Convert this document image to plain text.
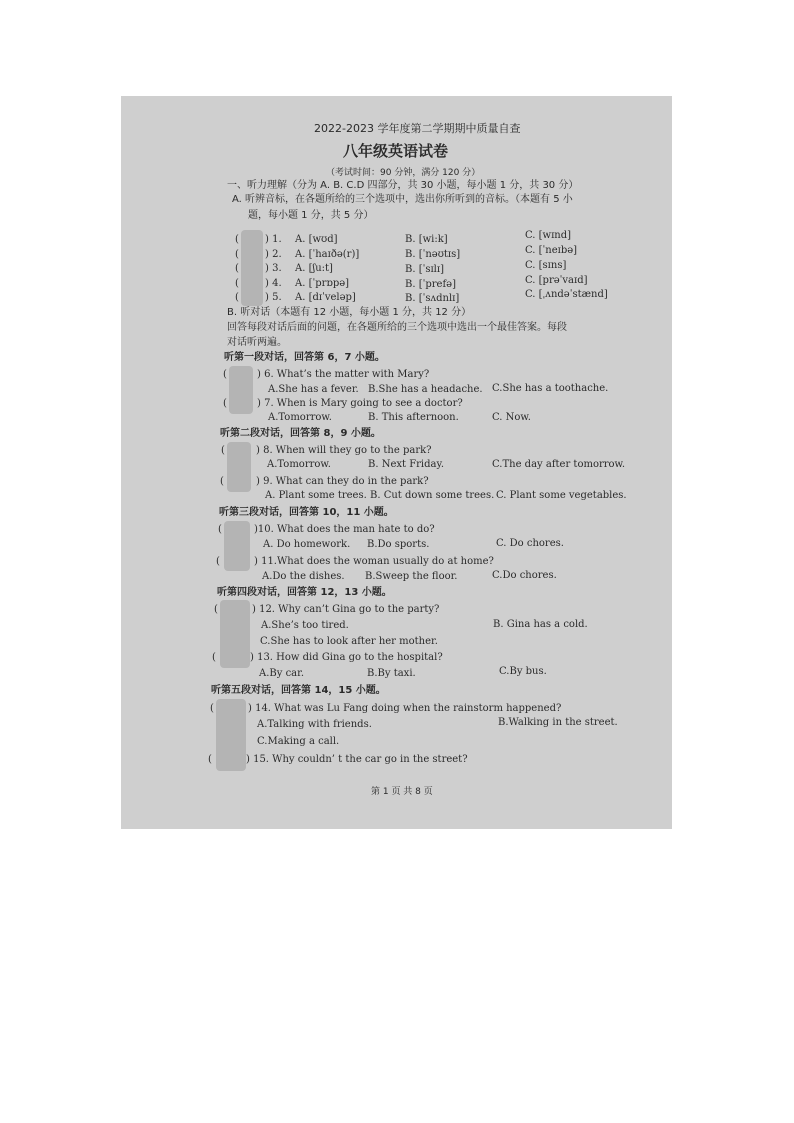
2022-2023 学年度第二学期期中质量自查
八年级英语试卷
（考试时间：90 分钟，满分 120 分）
一、听力理解（分为 A. B. C.D 四部分，共 30 小题，每小题 1 分，共 30 分）
A. 听辨音标，在各题所给的三个选项中，选出你所听到的音标。（本题有 5 小
题，每小题 1 分，共 5 分）
(	) 1. A. [wʊd]	B. [wi:k]	C. [wɪnd]
(	) 2. A. [ˈhaɪðə(r)]	B. [ˈnəʊtɪs]	C. [ˈneɪbə]
(	) 3. A. [ʃu:t]	B. [ˈsɪlɪ]	C. [sɪns]
(	) 4. A. [ˈprɒpə]	B. [ˈprefə]	C. [prəˈvaɪd]
(	) 5. A. [dɪˈveləp]	B. [ˈsʌdnlɪ]	C. [ˌʌndəˈstænd]
B. 听对话（本题有 12 小题，每小题 1 分，共 12 分）
回答每段对话后面的问题，在各题所给的三个选项中选出一个最佳答案。每段
对话听两遍。
听第一段对话，回答第 6，7 小题。
(	) 6. What’s the matter with Mary?
A.She has a fever. B.She has a headache. C.She has a toothache.
(	) 7. When is Mary going to see a doctor?
A.Tomorrow.	B. This afternoon.	C. Now.
听第二段对话，回答第 8，9 小题。
(	) 8. When will they go to the park?
A.Tomorrow.	B. Next Friday.	C.The day after tomorrow.
(	) 9. What can they do in the park?
A. Plant some trees. B. Cut down some trees. C. Plant some vegetables.
听第三段对话，回答第 10，11 小题。
(	)10. What does the man hate to do?
A. Do homework. B.Do sports.	C. Do chores.
(	) 11.What does the woman usually do at home?
A.Do the dishes. B.Sweep the floor.	C.Do chores.
听第四段对话，回答第 12，13 小题。
(	) 12. Why can’t Gina go to the party?
A.She’s too tired.	B. Gina has a cold.
C.She has to look after her mother.
(	) 13. How did Gina go to the hospital?
A.By car.	B.By taxi.	C.By bus.
听第五段对话，回答第 14，15 小题。
(	) 14. What was Lu Fang doing when the rainstorm happened?
A.Talking with friends.	B.Walking in the street.
C.Making a call.
(	) 15. Why couldn’ t the car go in the street?
第 1 页 共 8 页
